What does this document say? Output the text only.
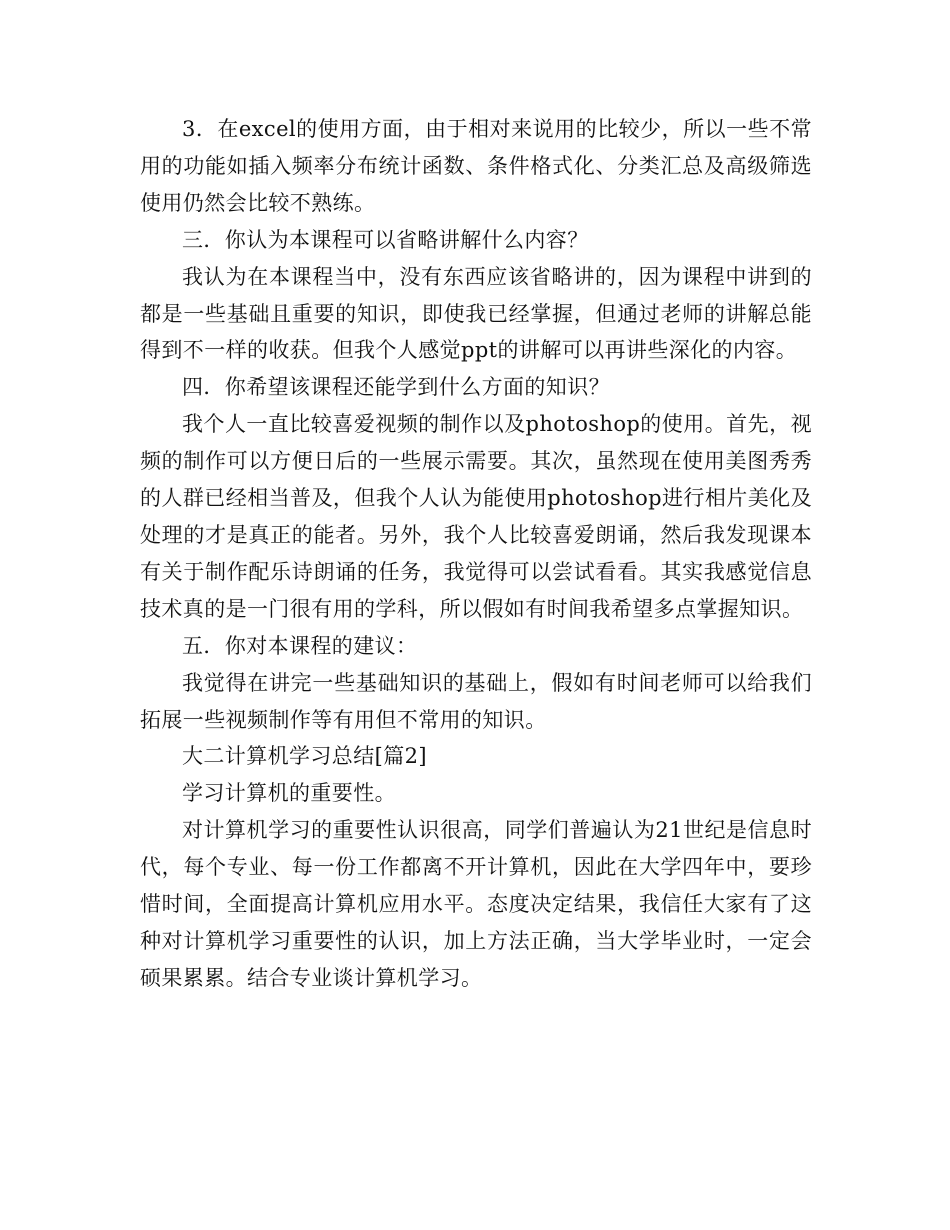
3．在excel的使用方面，由于相对来说用的比较少，所以一些不常用的功能如插入频率分布统计函数、条件格式化、分类汇总及高级筛选使用仍然会比较不熟练。

三．你认为本课程可以省略讲解什么内容？

我认为在本课程当中，没有东西应该省略讲的，因为课程中讲到的都是一些基础且重要的知识，即使我已经掌握，但通过老师的讲解总能得到不一样的收获。但我个人感觉ppt的讲解可以再讲些深化的内容。

四．你希望该课程还能学到什么方面的知识？

我个人一直比较喜爱视频的制作以及photoshop的使用。首先，视频的制作可以方便日后的一些展示需要。其次，虽然现在使用美图秀秀的人群已经相当普及，但我个人认为能使用photoshop进行相片美化及处理的才是真正的能者。另外，我个人比较喜爱朗诵，然后我发现课本有关于制作配乐诗朗诵的任务，我觉得可以尝试看看。其实我感觉信息技术真的是一门很有用的学科，所以假如有时间我希望多点掌握知识。

五．你对本课程的建议：

我觉得在讲完一些基础知识的基础上，假如有时间老师可以给我们拓展一些视频制作等有用但不常用的知识。

大二计算机学习总结[篇2]

学习计算机的重要性。

对计算机学习的重要性认识很高，同学们普遍认为21世纪是信息时代，每个专业、每一份工作都离不开计算机，因此在大学四年中，要珍惜时间，全面提高计算机应用水平。态度决定结果，我信任大家有了这种对计算机学习重要性的认识，加上方法正确，当大学毕业时，一定会硕果累累。结合专业谈计算机学习。
